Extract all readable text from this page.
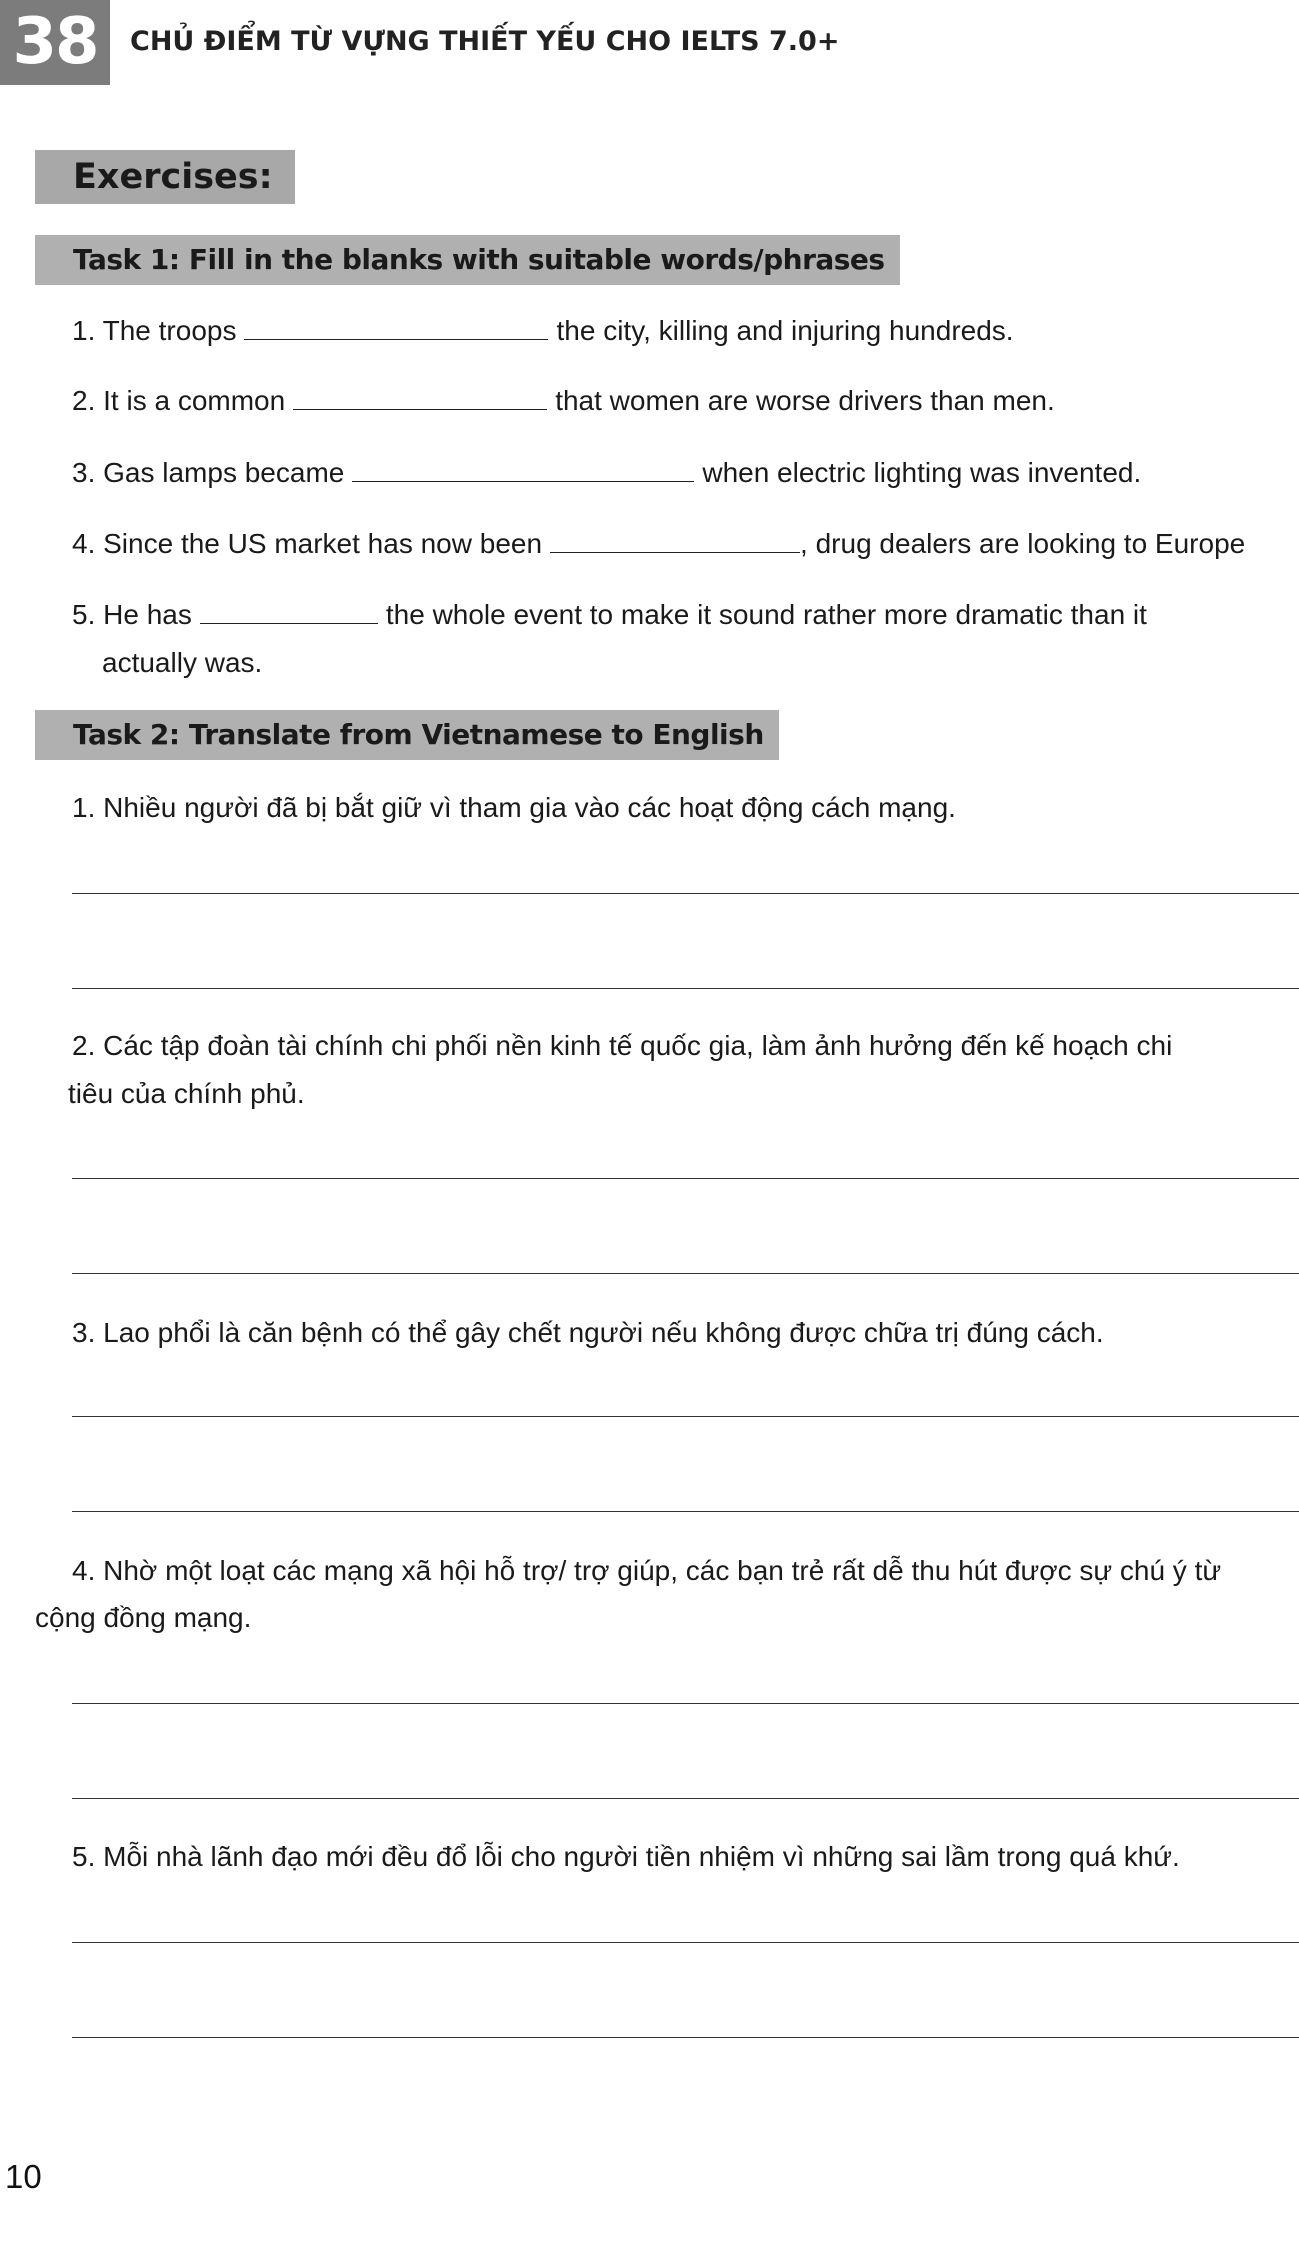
38	CHỦ ĐIỂM TỪ VỰNG THIẾT YẾU CHO IELTS 7.0+
Exercises:
Task 1: Fill in the blanks with suitable words/phrases
1. The troops	the city, killing and injuring hundreds.
2. It is a common	that women are worse drivers than men.
3. Gas lamps became	when electric lighting was invented.
4. Since the US market has now been	, drug dealers are looking to Europe
5. He has	the whole event to make it sound rather more dramatic than it
actually was.
Task 2: Translate from Vietnamese to English
1. Nhiều người đã bị bắt giữ vì tham gia vào các hoạt động cách mạng.
2. Các tập đoàn tài chính chi phối nền kinh tế quốc gia, làm ảnh hưởng đến kế hoạch chi
tiêu của chính phủ.
3. Lao phổi là căn bệnh có thể gây chết người nếu không được chữa trị đúng cách.
4. Nhờ một loạt các mạng xã hội hỗ trợ/ trợ giúp, các bạn trẻ rất dễ thu hút được sự chú ý từ
cộng đồng mạng.
5. Mỗi nhà lãnh đạo mới đều đổ lỗi cho người tiền nhiệm vì những sai lầm trong quá khứ.
10
